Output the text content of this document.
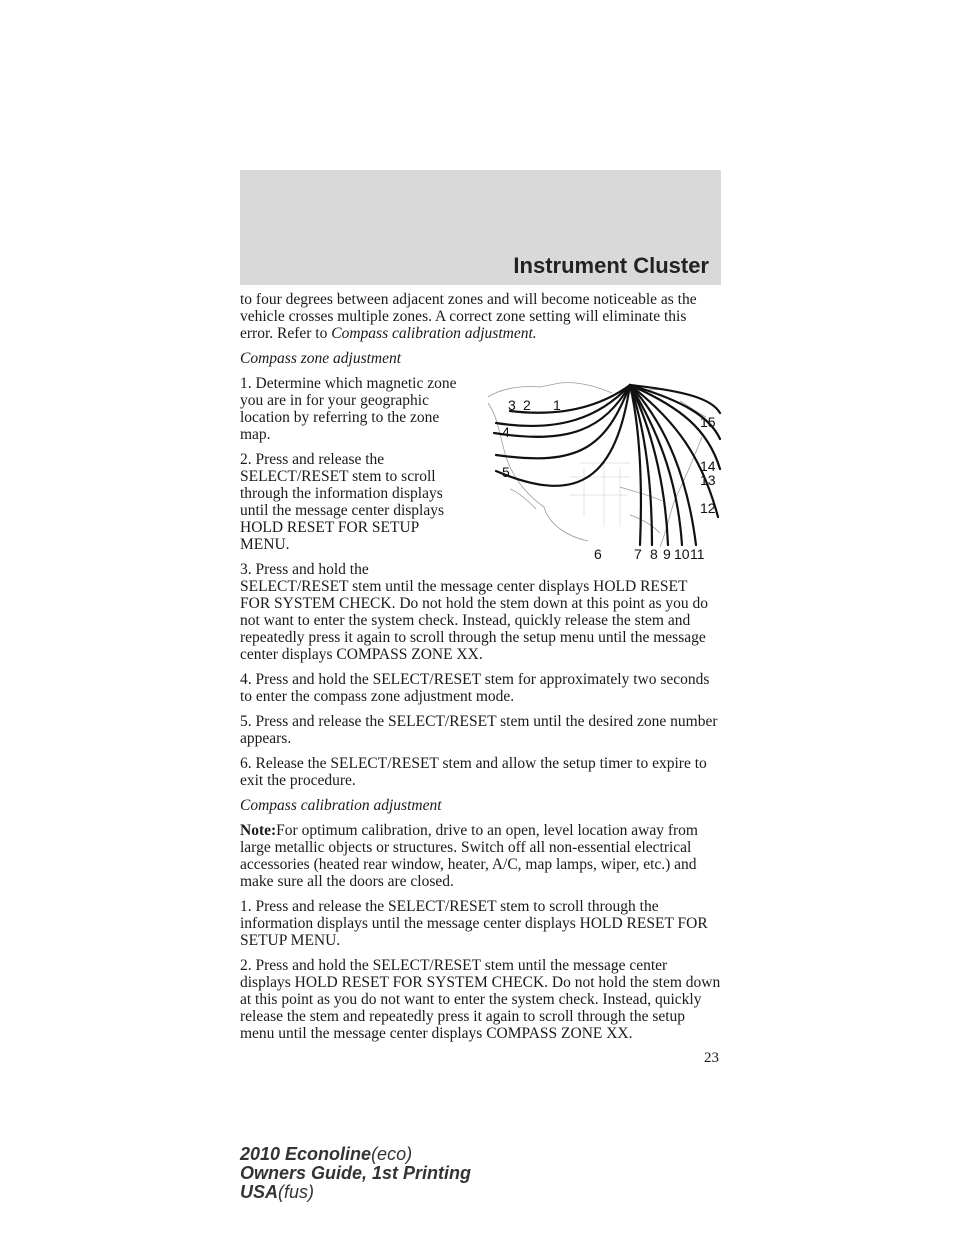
Instrument Cluster

to four degrees between adjacent zones and will become noticeable as the vehicle crosses multiple zones. A correct zone setting will eliminate this error. Refer to Compass calibration adjustment.

Compass zone adjustment

1
2
3
4
5
6 7 8 9 10 11
12
13
14
15

1. Determine which magnetic zone you are in for your geographic location by referring to the zone map.

2. Press and release the SELECT/RESET stem to scroll through the information displays until the message center displays HOLD RESET FOR SETUP MENU.

3. Press and hold the SELECT/RESET stem until the message center displays HOLD RESET FOR SYSTEM CHECK. Do not hold the stem down at this point as you do not want to enter the system check. Instead, quickly release the stem and repeatedly press it again to scroll through the setup menu until the message center displays COMPASS ZONE XX.

4. Press and hold the SELECT/RESET stem for approximately two seconds to enter the compass zone adjustment mode.

5. Press and release the SELECT/RESET stem until the desired zone number appears.

6. Release the SELECT/RESET stem and allow the setup timer to expire to exit the procedure.

Compass calibration adjustment

Note:For optimum calibration, drive to an open, level location away from large metallic objects or structures. Switch off all non-essential electrical accessories (heated rear window, heater, A/C, map lamps, wiper, etc.) and make sure all the doors are closed.

1. Press and release the SELECT/RESET stem to scroll through the information displays until the message center displays HOLD RESET FOR SETUP MENU.

2. Press and hold the SELECT/RESET stem until the message center displays HOLD RESET FOR SYSTEM CHECK. Do not hold the stem down at this point as you do not want to enter the system check. Instead, quickly release the stem and repeatedly press it again to scroll through the setup menu until the message center displays COMPASS ZONE XX.

23
2010 Econoline(eco)
Owners Guide, 1st Printing
USA(fus)
